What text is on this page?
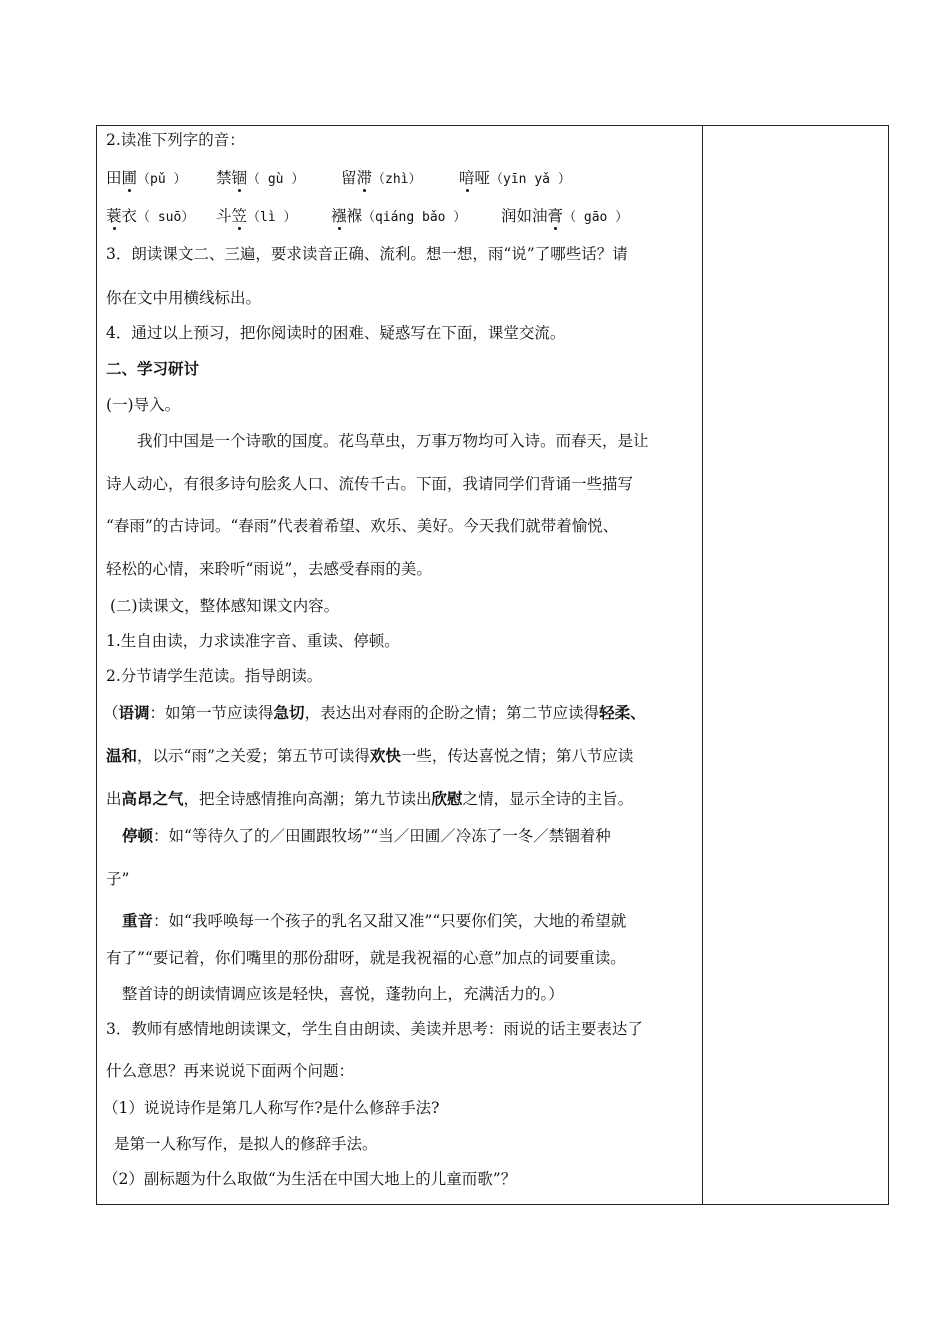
2.读准下列字的音：
田圃（pǔ ） 禁锢（ gù ） 留滞（zhì） 喑哑（yīn yǎ ）
蓑衣（ suō） 斗笠（lì ） 襁褓（qiáng bǎo ） 润如油膏（ gāo ）
3．朗读课文二、三遍，要求读音正确、流利。想一想，雨“说”了哪些话？请
你在文中用横线标出。
4．通过以上预习，把你阅读时的困难、疑惑写在下面，课堂交流。
二、学习研讨
(一)导入。
我们中国是一个诗歌的国度。花鸟草虫，万事万物均可入诗。而春天，是让
诗人动心，有很多诗句脍炙人口、流传千古。下面，我请同学们背诵一些描写
“春雨”的古诗词。“春雨”代表着希望、欢乐、美好。今天我们就带着愉悦、
轻松的心情，来聆听“雨说”，去感受春雨的美。
(二)读课文，整体感知课文内容。
1.生自由读，力求读准字音、重读、停顿。
2.分节请学生范读。指导朗读。
（语调：如第一节应读得急切，表达出对春雨的企盼之情；第二节应读得轻柔、
温和，以示“雨”之关爱；第五节可读得欢快一些，传达喜悦之情；第八节应读
出高昂之气，把全诗感情推向高潮；第九节读出欣慰之情，显示全诗的主旨。
停顿：如“等待久了的／田圃跟牧场”“当／田圃／冷冻了一冬／禁锢着种
子”
重音：如“我呼唤每一个孩子的乳名又甜又准”“只要你们笑，大地的希望就
有了”“要记着，你们嘴里的那份甜呀，就是我祝福的心意”加点的词要重读。
整首诗的朗读情调应该是轻快，喜悦，蓬勃向上，充满活力的。）
3．教师有感情地朗读课文，学生自由朗读、美读并思考：雨说的话主要表达了
什么意思？再来说说下面两个问题：
（1）说说诗作是第几人称写作?是什么修辞手法?
是第一人称写作，是拟人的修辞手法。
（2）副标题为什么取做“为生活在中国大地上的儿童而歌”？
